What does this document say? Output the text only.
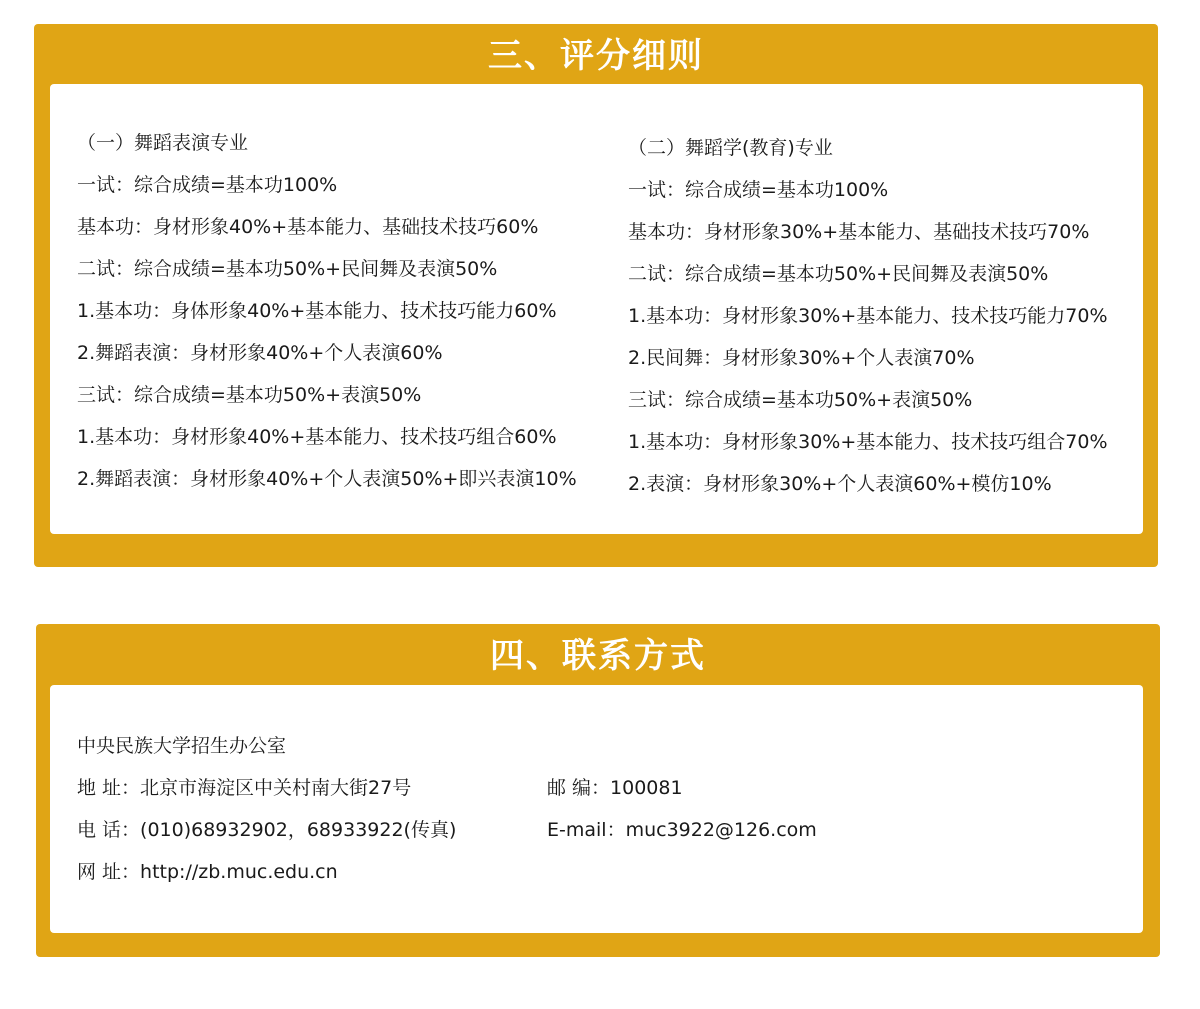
三、评分细则
（一）舞蹈表演专业
一试：综合成绩=基本功100%
基本功：身材形象40%+基本能力、基础技术技巧60%
二试：综合成绩=基本功50%+民间舞及表演50%
1.基本功：身体形象40%+基本能力、技术技巧能力60%
2.舞蹈表演：身材形象40%+个人表演60%
三试：综合成绩=基本功50%+表演50%
1.基本功：身材形象40%+基本能力、技术技巧组合60%
2.舞蹈表演：身材形象40%+个人表演50%+即兴表演10%
（二）舞蹈学(教育)专业
一试：综合成绩=基本功100%
基本功：身材形象30%+基本能力、基础技术技巧70%
二试：综合成绩=基本功50%+民间舞及表演50%
1.基本功：身材形象30%+基本能力、技术技巧能力70%
2.民间舞：身材形象30%+个人表演70%
三试：综合成绩=基本功50%+表演50%
1.基本功：身材形象30%+基本能力、技术技巧组合70%
2.表演：身材形象30%+个人表演60%+模仿10%
四、联系方式
中央民族大学招生办公室
地 址：北京市海淀区中关村南大街27号
电 话：(010)68932902，68933922(传真)
网 址：http://zb.muc.edu.cn
邮 编：100081
E-mail：muc3922@126.com
